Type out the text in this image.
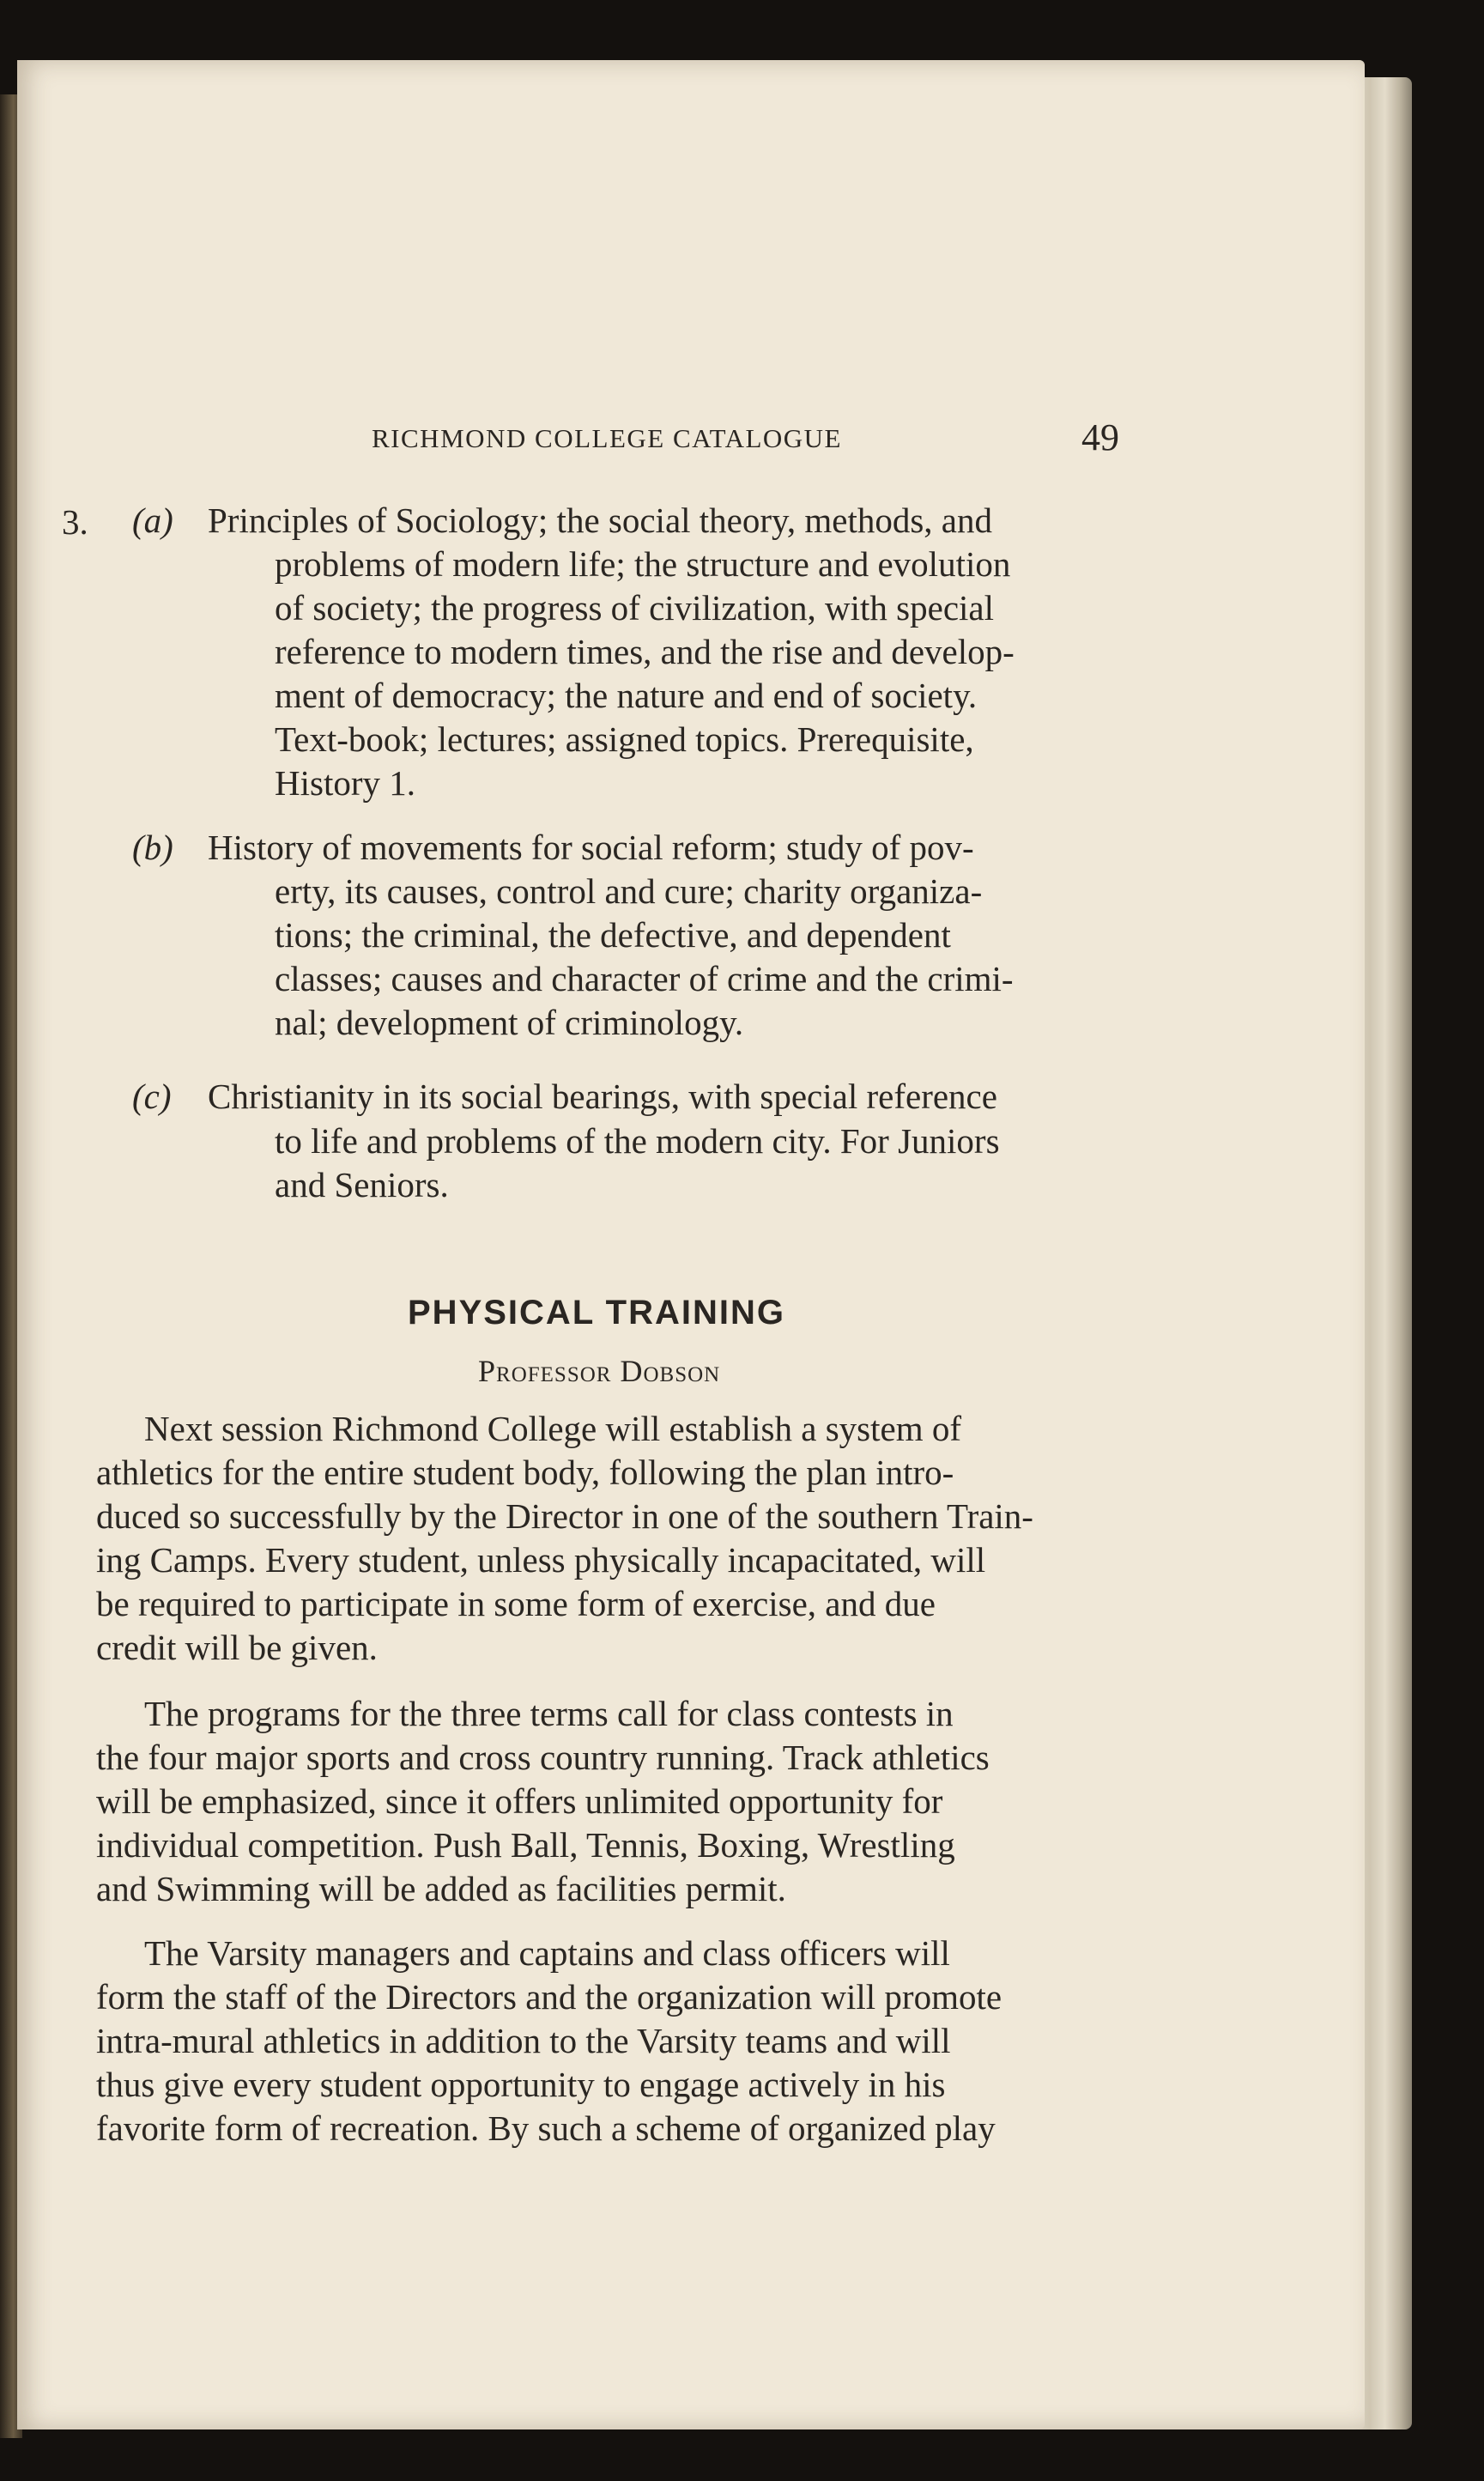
RICHMOND COLLEGE CATALOGUE	49
3. (a) Principles of Sociology; the social theory, methods, and
problems of modern life; the structure and evolution
of society; the progress of civilization, with special
reference to modern times, and the rise and develop-
ment of democracy; the nature and end of society.
Text-book; lectures; assigned topics. Prerequisite,
History 1.
(b) History of movements for social reform; study of pov-
erty, its causes, control and cure; charity organiza-
tions; the criminal, the defective, and dependent
classes; causes and character of crime and the crimi-
nal; development of criminology.
(c) Christianity in its social bearings, with special reference
to life and problems of the modern city. For Juniors
and Seniors.
PHYSICAL TRAINING
Professor Dobson
Next session Richmond College will establish a system of
athletics for the entire student body, following the plan intro-
duced so successfully by the Director in one of the southern Train-
ing Camps. Every student, unless physically incapacitated, will
be required to participate in some form of exercise, and due
credit will be given.
The programs for the three terms call for class contests in
the four major sports and cross country running. Track athletics
will be emphasized, since it offers unlimited opportunity for
individual competition. Push Ball, Tennis, Boxing, Wrestling
and Swimming will be added as facilities permit.
The Varsity managers and captains and class officers will
form the staff of the Directors and the organization will promote
intra-mural athletics in addition to the Varsity teams and will
thus give every student opportunity to engage actively in his
favorite form of recreation. By such a scheme of organized play
